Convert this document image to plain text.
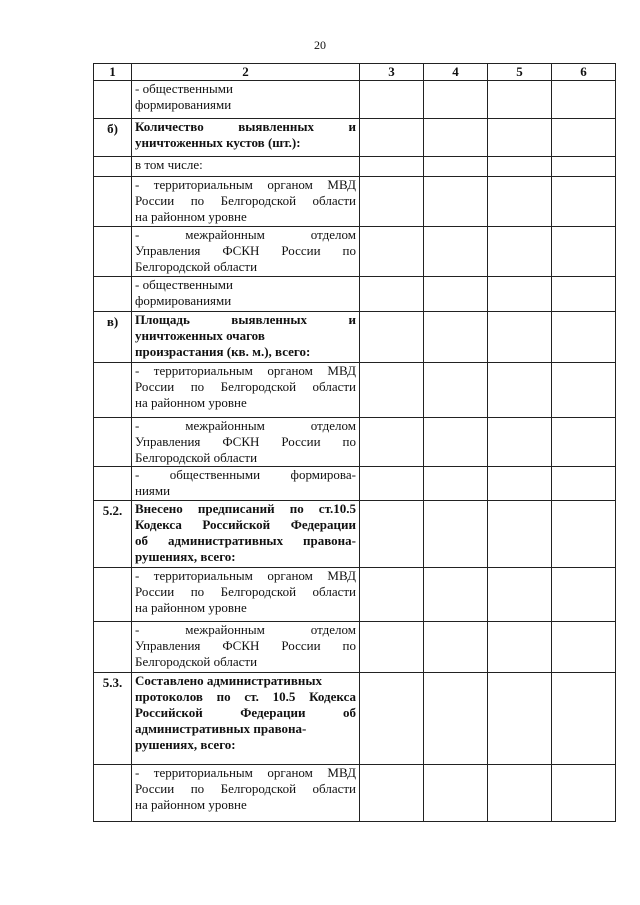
20
1	2	3	4	5	6

	- общественными
формированиями				

б)	Количество выявленных и
уничтоженных кустов (шт.):				

	в том числе:				

	- территориальным органом МВД
России по Белгородской области
на районном уровне				

	- межрайонным отделом
Управления ФСКН России по
Белгородской области				

	- общественными
формированиями				

в)	Площадь выявленных и
уничтоженных очагов
произрастания (кв. м.), всего:				

	- территориальным органом МВД
России по Белгородской области
на районном уровне				

	- межрайонным отделом
Управления ФСКН России по
Белгородской области				

	- общественными формирова-
ниями				

5.2.	Внесено предписаний по ст.10.5
Кодекса Российской Федерации
об административных правона-
рушениях, всего:				

	- территориальным органом МВД
России по Белгородской области
на районном уровне				

	- межрайонным отделом
Управления ФСКН России по
Белгородской области				

5.3.	Составлено административных
протоколов по ст. 10.5 Кодекса
Российской Федерации об
административных правона-
рушениях, всего:				

	- территориальным органом МВД
России по Белгородской области
на районном уровне				
